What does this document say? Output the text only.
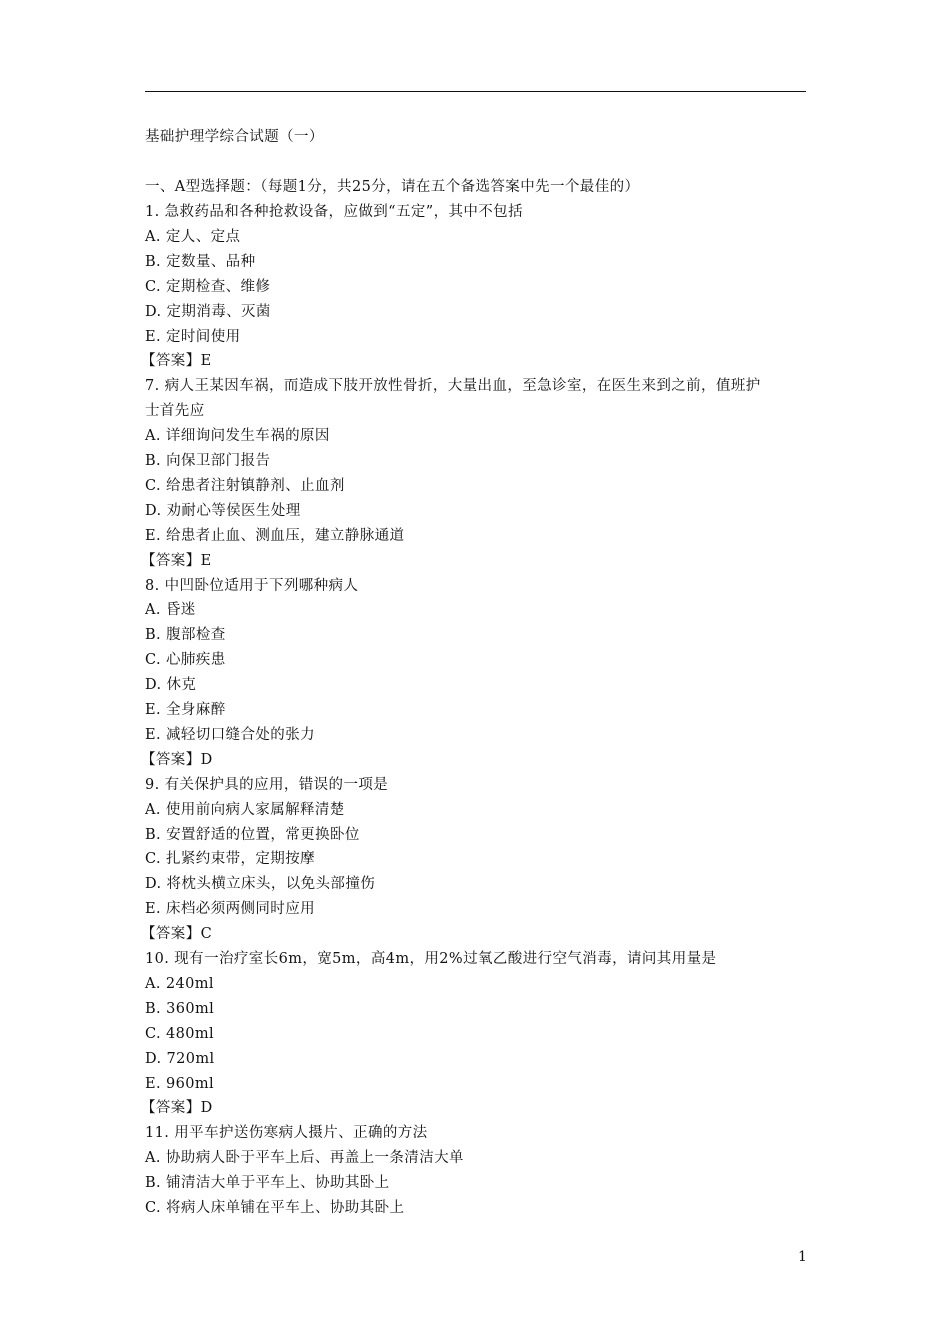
基础护理学综合试题（一）
一、A型选择题：（每题1分，共25分，请在五个备选答案中先一个最佳的）
1. 急救药品和各种抢救设备，应做到“五定”，其中不包括
A. 定人、定点
B. 定数量、品种
C. 定期检查、维修
D. 定期消毒、灭菌
E. 定时间使用
【答案】E
7. 病人王某因车祸，而造成下肢开放性骨折，大量出血，至急诊室，在医生来到之前，值班护
士首先应
A. 详细询问发生车祸的原因
B. 向保卫部门报告
C. 给患者注射镇静剂、止血剂
D. 劝耐心等侯医生处理
E. 给患者止血、测血压，建立静脉通道
【答案】E
8. 中凹卧位适用于下列哪种病人
A. 昏迷
B. 腹部检查
C. 心肺疾患
D. 休克
E. 全身麻醉
E. 减轻切口缝合处的张力
【答案】D
9. 有关保护具的应用，错误的一项是
A. 使用前向病人家属解释清楚
B. 安置舒适的位置，常更换卧位
C. 扎紧约束带，定期按摩
D. 将枕头横立床头，以免头部撞伤
E. 床档必须两侧同时应用
【答案】C
10. 现有一治疗室长6m，宽5m，高4m，用2%过氧乙酸进行空气消毒，请问其用量是
A. 240ml
B. 360ml
C. 480ml
D. 720ml
E. 960ml
【答案】D
11. 用平车护送伤寒病人摄片、正确的方法
A. 协助病人卧于平车上后、再盖上一条清洁大单
B. 铺清洁大单于平车上、协助其卧上
C. 将病人床单铺在平车上、协助其卧上
1
